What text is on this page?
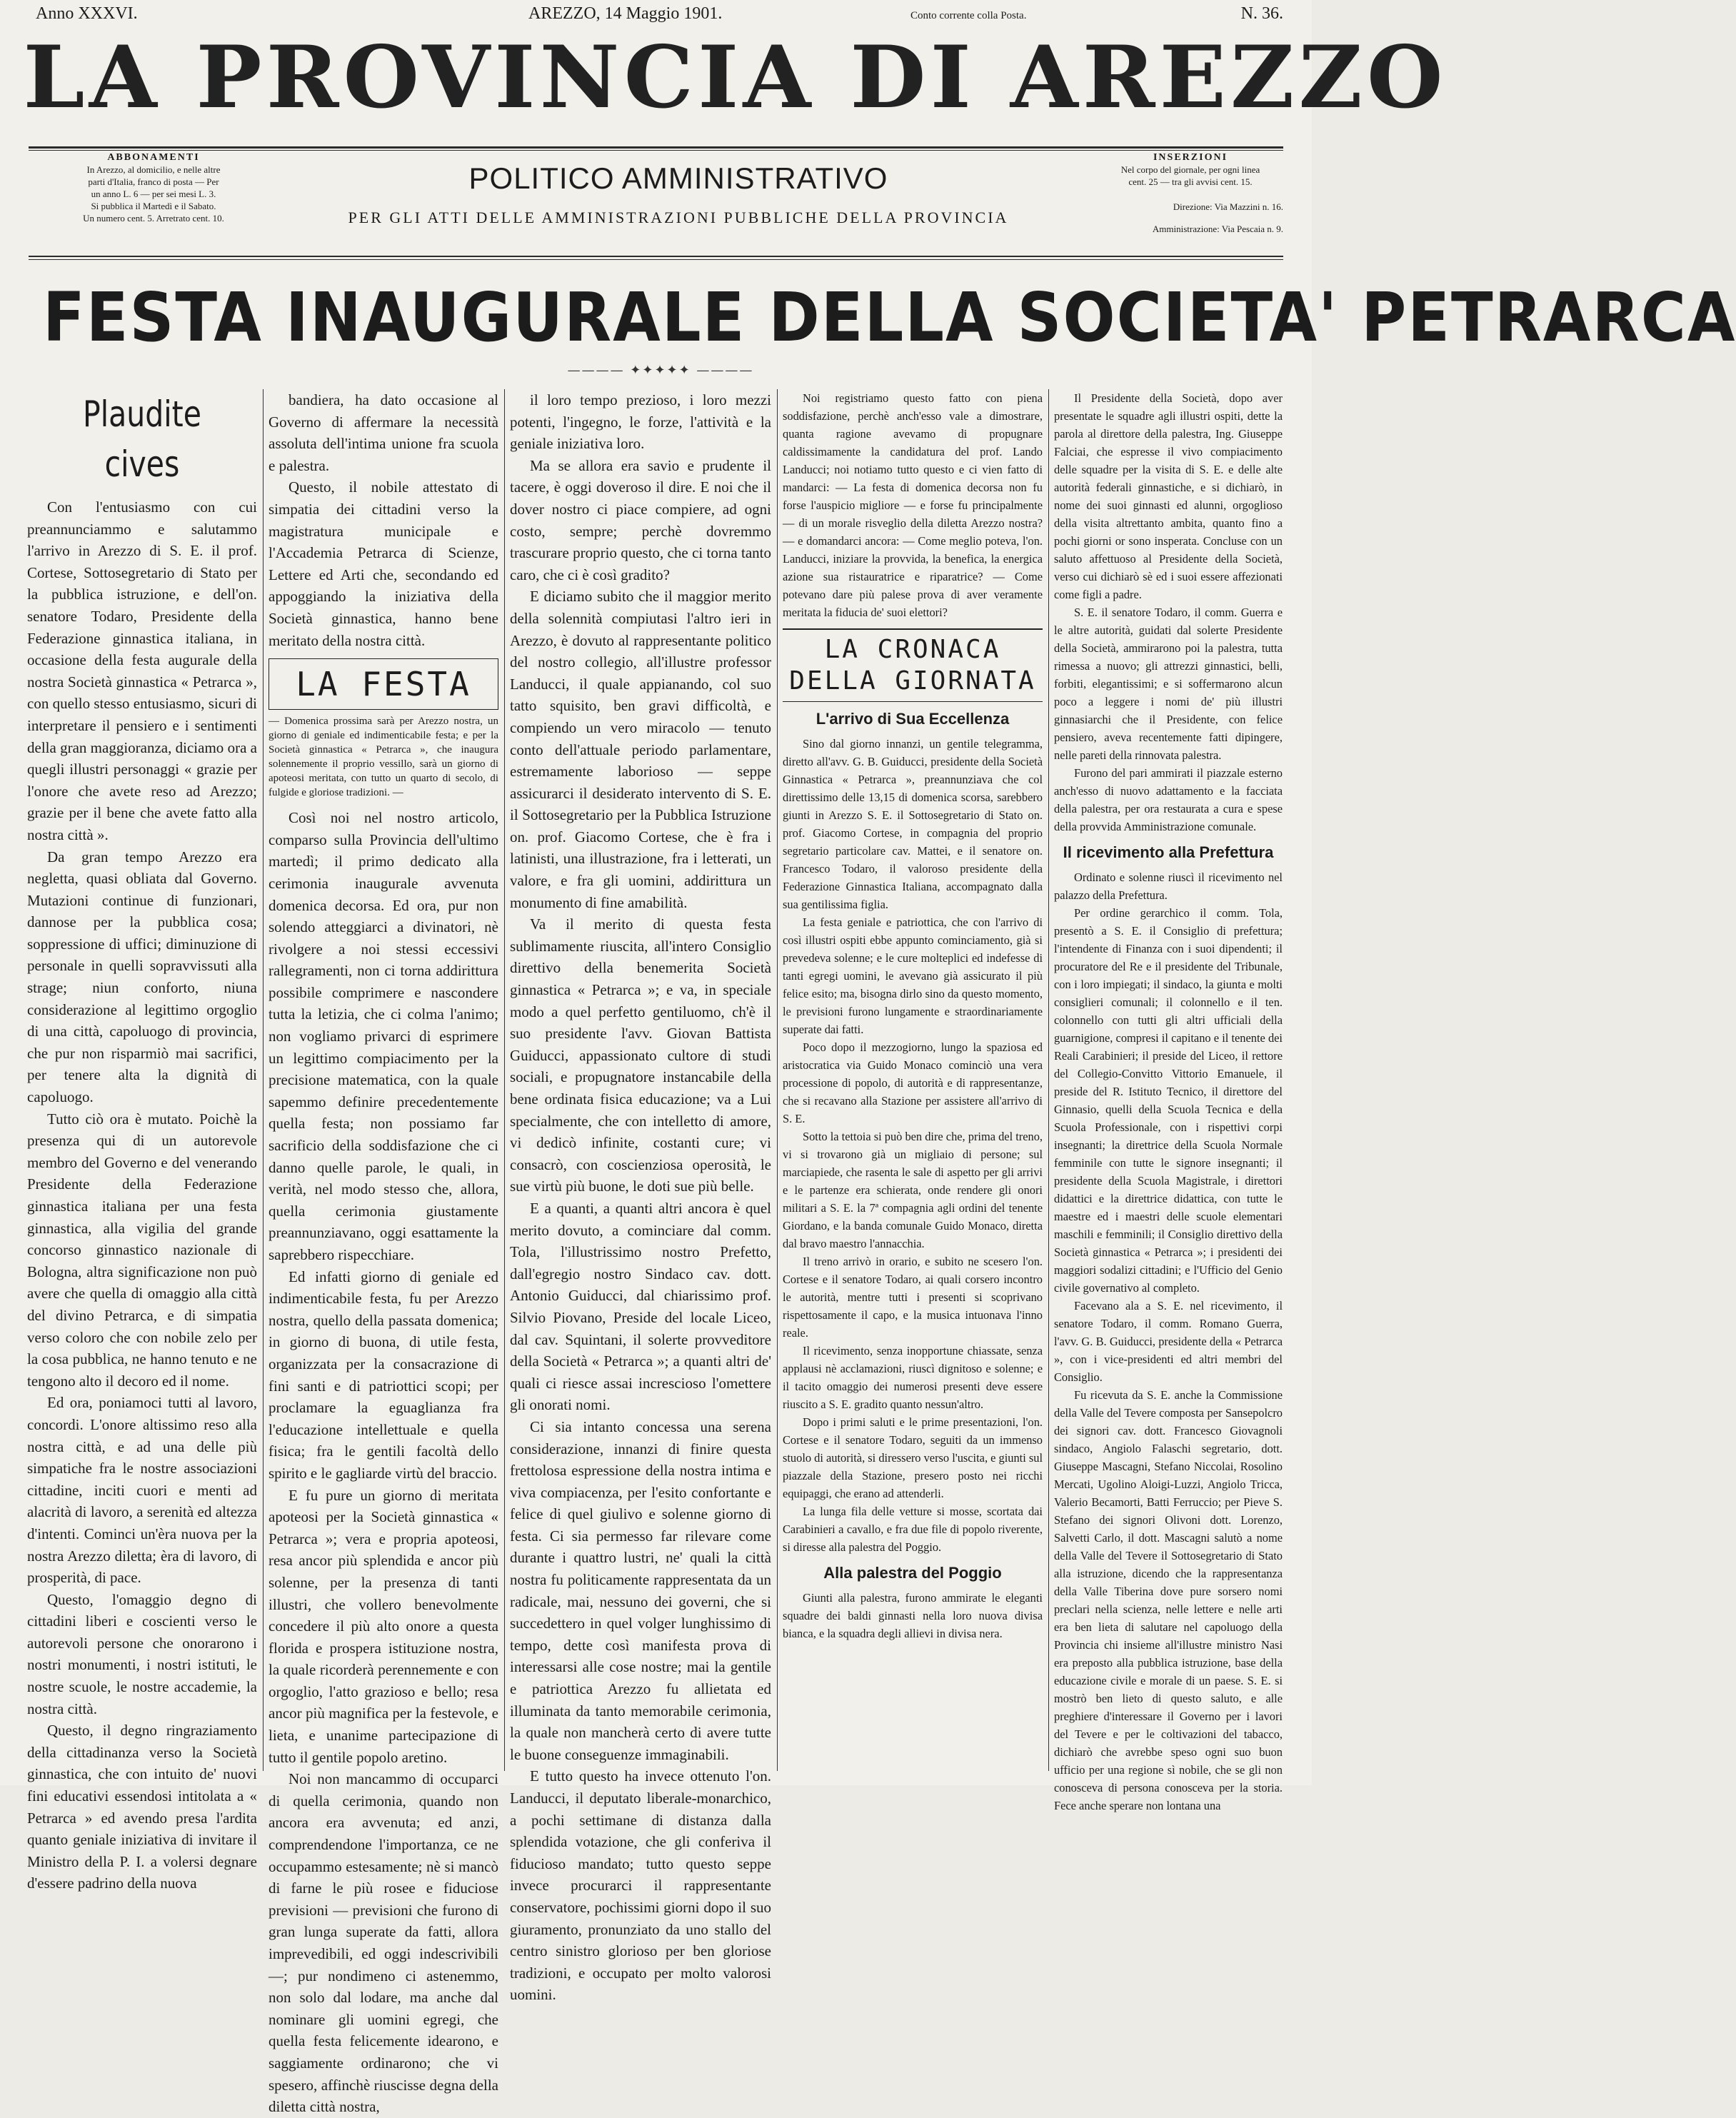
Anno XXXVI.	AREZZO, 14 Maggio 1901.	Conto corrente colla Posta.	N. 36.
LA PROVINCIA DI AREZZO
ABBONAMENTI
In Arezzo, al domicilio, e nelle altre
parti d'Italia, franco di posta — Per
un anno L. 6 — per sei mesi L. 3.
Si pubblica il Martedì e il Sabato.
Un numero cent. 5. Arretrato cent. 10.
POLITICO AMMINISTRATIVO
PER GLI ATTI DELLE AMMINISTRAZIONI PUBBLICHE DELLA PROVINCIA
INSERZIONI
Nel corpo del giornale, per ogni linea
cent. 25 — tra gli avvisi cent. 15.
Direzione: Via Mazzini n. 16.
Amministrazione: Via Pescaia n. 9.
FESTA INAUGURALE DELLA SOCIETA' PETRARCA
———— ✦✦✦✦✦ ————
Plaudite cives

Con l'entusiasmo con cui preannunciammo e salutammo l'arrivo in Arezzo di S. E. il prof. Cortese, Sottosegretario di Stato per la pubblica istruzione, e dell'on. senatore Todaro, Presidente della Federazione ginnastica italiana, in occasione della festa augurale della nostra Società ginnastica « Petrarca », con quello stesso entusiasmo, sicuri di interpretare il pensiero e i sentimenti della gran maggioranza, diciamo ora a quegli illustri personaggi « grazie per l'onore che avete reso ad Arezzo; grazie per il bene che avete fatto alla nostra città ».

Da gran tempo Arezzo era negletta, quasi obliata dal Governo. Mutazioni continue di funzionari, dannose per la pubblica cosa; soppressione di uffici; diminuzione di personale in quelli sopravvissuti alla strage; niun conforto, niuna considerazione al legittimo orgoglio di una città, capoluogo di provincia, che pur non risparmiò mai sacrifici, per tenere alta la dignità di capoluogo.

Tutto ciò ora è mutato. Poichè la presenza qui di un autorevole membro del Governo e del venerando Presidente della Federazione ginnastica italiana per una festa ginnastica, alla vigilia del grande concorso ginnastico nazionale di Bologna, altra significazione non può avere che quella di omaggio alla città del divino Petrarca, e di simpatia verso coloro che con nobile zelo per la cosa pubblica, ne hanno tenuto e ne tengono alto il decoro ed il nome.

Ed ora, poniamoci tutti al lavoro, concordi. L'onore altissimo reso alla nostra città, e ad una delle più simpatiche fra le nostre associazioni cittadine, inciti cuori e menti ad alacrità di lavoro, a serenità ed altezza d'intenti. Cominci un'èra nuova per la nostra Arezzo diletta; èra di lavoro, di prosperità, di pace.

Questo, l'omaggio degno di cittadini liberi e coscienti verso le autorevoli persone che onorarono i nostri monumenti, i nostri istituti, le nostre scuole, le nostre accademie, la nostra città.

Questo, il degno ringraziamento della cittadinanza verso la Società ginnastica, che con intuito de' nuovi fini educativi essendosi intitolata a « Petrarca » ed avendo presa l'ardita quanto geniale iniziativa di invitare il Ministro della P. I. a volersi degnare d'essere padrino della nuova

bandiera, ha dato occasione al Governo di affermare la necessità assoluta dell'intima unione fra scuola e palestra.

Questo, il nobile attestato di simpatia dei cittadini verso la magistratura municipale e l'Accademia Petrarca di Scienze, Lettere ed Arti che, secondando ed appoggiando la iniziativa della Società ginnastica, hanno bene meritato della nostra città.

LA FESTA
— Domenica prossima sarà per Arezzo nostra, un giorno di geniale ed indimenticabile festa; e per la Società ginnastica « Petrarca », che inaugura solennemente il proprio vessillo, sarà un giorno di apoteosi meritata, con tutto un quarto di secolo, di fulgide e gloriose tradizioni. —

Così noi nel nostro articolo, comparso sulla Provincia dell'ultimo martedì; il primo dedicato alla cerimonia inaugurale avvenuta domenica decorsa. Ed ora, pur non solendo atteggiarci a divinatori, nè rivolgere a noi stessi eccessivi rallegramenti, non ci torna addirittura possibile comprimere e nascondere tutta la letizia, che ci colma l'animo; non vogliamo privarci di esprimere un legittimo compiacimento per la precisione matematica, con la quale sapemmo definire precedentemente quella festa; non possiamo far sacrificio della soddisfazione che ci danno quelle parole, le quali, in verità, nel modo stesso che, allora, quella cerimonia giustamente preannunziavano, oggi esattamente la saprebbero rispecchiare.

Ed infatti giorno di geniale ed indimenticabile festa, fu per Arezzo nostra, quello della passata domenica; in giorno di buona, di utile festa, organizzata per la consacrazione di fini santi e di patriottici scopi; per proclamare la eguaglianza fra l'educazione intellettuale e quella fisica; fra le gentili facoltà dello spirito e le gagliarde virtù del braccio.

E fu pure un giorno di meritata apoteosi per la Società ginnastica « Petrarca »; vera e propria apoteosi, resa ancor più splendida e ancor più solenne, per la presenza di tanti illustri, che vollero benevolmente concedere il più alto onore a questa florida e prospera istituzione nostra, la quale ricorderà perennemente e con orgoglio, l'atto grazioso e bello; resa ancor più magnifica per la festevole, e lieta, e unanime partecipazione di tutto il gentile popolo aretino.

Noi non mancammo di occuparci di quella cerimonia, quando non ancora era avvenuta; ed anzi, comprendendone l'importanza, ce ne occupammo estesamente; nè si mancò di farne le più rosee e fiduciose previsioni — previsioni che furono di gran lunga superate da fatti, allora imprevedibili, ed oggi indescrivibili —; pur nondimeno ci astenemmo, non solo dal lodare, ma anche dal nominare gli uomini egregi, che quella festa felicemente idearono, e saggiamente ordinarono; che vi spesero, affinchè riuscisse degna della diletta città nostra,

il loro tempo prezioso, i loro mezzi potenti, l'ingegno, le forze, l'attività e la geniale iniziativa loro.

Ma se allora era savio e prudente il tacere, è oggi doveroso il dire. E noi che il dover nostro ci piace compiere, ad ogni costo, sempre; perchè dovremmo trascurare proprio questo, che ci torna tanto caro, che ci è così gradito?

E diciamo subito che il maggior merito della solennità compiutasi l'altro ieri in Arezzo, è dovuto al rappresentante politico del nostro collegio, all'illustre professor Landucci, il quale appianando, col suo tatto squisito, ben gravi difficoltà, e compiendo un vero miracolo — tenuto conto dell'attuale periodo parlamentare, estremamente laborioso — seppe assicurarci il desiderato intervento di S. E. il Sottosegretario per la Pubblica Istruzione on. prof. Giacomo Cortese, che è fra i latinisti, una illustrazione, fra i letterati, un valore, e fra gli uomini, addirittura un monumento di fine amabilità.

Va il merito di questa festa sublimamente riuscita, all'intero Consiglio direttivo della benemerita Società ginnastica « Petrarca »; e va, in speciale modo a quel perfetto gentiluomo, ch'è il suo presidente l'avv. Giovan Battista Guiducci, appassionato cultore di studi sociali, e propugnatore instancabile della bene ordinata fisica educazione; va a Lui specialmente, che con intelletto di amore, vi dedicò infinite, costanti cure; vi consacrò, con coscienziosa operosità, le sue virtù più buone, le doti sue più belle.

E a quanti, a quanti altri ancora è quel merito dovuto, a cominciare dal comm. Tola, l'illustrissimo nostro Prefetto, dall'egregio nostro Sindaco cav. dott. Antonio Guiducci, dal chiarissimo prof. Silvio Piovano, Preside del locale Liceo, dal cav. Squintani, il solerte provveditore della Società « Petrarca »; a quanti altri de' quali ci riesce assai increscioso l'omettere gli onorati nomi.

Ci sia intanto concessa una serena considerazione, innanzi di finire questa frettolosa espressione della nostra intima e viva compiacenza, per l'esito confortante e felice di quel giulivo e solenne giorno di festa. Ci sia permesso far rilevare come durante i quattro lustri, ne' quali la città nostra fu politicamente rappresentata da un radicale, mai, nessuno dei governi, che si succedettero in quel volger lunghissimo di tempo, dette così manifesta prova di interessarsi alle cose nostre; mai la gentile e patriottica Arezzo fu allietata ed illuminata da tanto memorabile cerimonia, la quale non mancherà certo di avere tutte le buone conseguenze immaginabili.

E tutto questo ha invece ottenuto l'on. Landucci, il deputato liberale-monarchico, a pochi settimane di distanza dalla splendida votazione, che gli conferiva il fiducioso mandato; tutto questo seppe invece procurarci il rappresentante conservatore, pochissimi giorni dopo il suo giuramento, pronunziato da uno stallo del centro sinistro glorioso per ben gloriose tradizioni, e occupato per molto valorosi uomini.

Noi registriamo questo fatto con piena soddisfazione, perchè anch'esso vale a dimostrare, quanta ragione avevamo di propugnare caldissimamente la candidatura del prof. Lando Landucci; noi notiamo tutto questo e ci vien fatto di mandarci: — La festa di domenica decorsa non fu forse l'auspicio migliore — e forse fu principalmente — di un morale risveglio della diletta Arezzo nostra? — e domandarci ancora: — Come meglio poteva, l'on. Landucci, iniziare la provvida, la benefica, la energica azione sua ristauratrice e riparatrice? — Come potevano dare più palese prova di aver veramente meritata la fiducia de' suoi elettori?

LA CRONACA
DELLA GIORNATA
L'arrivo di Sua Eccellenza

Sino dal giorno innanzi, un gentile telegramma, diretto all'avv. G. B. Guiducci, presidente della Società Ginnastica « Petrarca », preannunziava che col direttissimo delle 13,15 di domenica scorsa, sarebbero giunti in Arezzo S. E. il Sottosegretario di Stato on. prof. Giacomo Cortese, in compagnia del proprio segretario particolare cav. Mattei, e il senatore on. Francesco Todaro, il valoroso presidente della Federazione Ginnastica Italiana, accompagnato dalla sua gentilissima figlia.

La festa geniale e patriottica, che con l'arrivo di così illustri ospiti ebbe appunto cominciamento, già si prevedeva solenne; e le cure molteplici ed indefesse di tanti egregi uomini, le avevano già assicurato il più felice esito; ma, bisogna dirlo sino da questo momento, le previsioni furono lungamente e straordinariamente superate dai fatti.

Poco dopo il mezzogiorno, lungo la spaziosa ed aristocratica via Guido Monaco cominciò una vera processione di popolo, di autorità e di rappresentanze, che si recavano alla Stazione per assistere all'arrivo di S. E.

Sotto la tettoia si può ben dire che, prima del treno, vi si trovarono già un migliaio di persone; sul marciapiede, che rasenta le sale di aspetto per gli arrivi e le partenze era schierata, onde rendere gli onori militari a S. E. la 7ª compagnia agli ordini del tenente Giordano, e la banda comunale Guido Monaco, diretta dal bravo maestro l'annacchia.

Il treno arrivò in orario, e subito ne scesero l'on. Cortese e il senatore Todaro, ai quali corsero incontro le autorità, mentre tutti i presenti si scoprivano rispettosamente il capo, e la musica intuonava l'inno reale.

Il ricevimento, senza inopportune chiassate, senza applausi nè acclamazioni, riuscì dignitoso e solenne; e il tacito omaggio dei numerosi presenti deve essere riuscito a S. E. gradito quanto nessun'altro.

Dopo i primi saluti e le prime presentazioni, l'on. Cortese e il senatore Todaro, seguiti da un immenso stuolo di autorità, si diressero verso l'uscita, e giunti sul piazzale della Stazione, presero posto nei ricchi equipaggi, che erano ad attenderli.

La lunga fila delle vetture si mosse, scortata dai Carabinieri a cavallo, e fra due file di popolo riverente, si diresse alla palestra del Poggio.

Alla palestra del Poggio

Giunti alla palestra, furono ammirate le eleganti squadre dei baldi ginnasti nella loro nuova divisa bianca, e la squadra degli allievi in divisa nera.

Il Presidente della Società, dopo aver presentate le squadre agli illustri ospiti, dette la parola al direttore della palestra, Ing. Giuseppe Falciai, che espresse il vivo compiacimento delle squadre per la visita di S. E. e delle alte autorità federali ginnastiche, e si dichiarò, in nome dei suoi ginnasti ed alunni, orgoglioso della visita altrettanto ambita, quanto fino a pochi giorni or sono insperata. Concluse con un saluto affettuoso al Presidente della Società, verso cui dichiarò sè ed i suoi essere affezionati come figli a padre.

S. E. il senatore Todaro, il comm. Guerra e le altre autorità, guidati dal solerte Presidente della Società, ammirarono poi la palestra, tutta rimessa a nuovo; gli attrezzi ginnastici, belli, forbiti, elegantissimi; e si soffermarono alcun poco a leggere i nomi de' più illustri ginnasiarchi che il Presidente, con felice pensiero, aveva recentemente fatti dipingere, nelle pareti della rinnovata palestra.

Furono del pari ammirati il piazzale esterno anch'esso di nuovo adattamento e la facciata della palestra, per ora restaurata a cura e spese della provvida Amministrazione comunale.

Il ricevimento alla Prefettura

Ordinato e solenne riuscì il ricevimento nel palazzo della Prefettura.

Per ordine gerarchico il comm. Tola, presentò a S. E. il Consiglio di prefettura; l'intendente di Finanza con i suoi dipendenti; il procuratore del Re e il presidente del Tribunale, con i loro impiegati; il sindaco, la giunta e molti consiglieri comunali; il colonnello e il ten. colonnello con tutti gli altri ufficiali della guarnigione, compresi il capitano e il tenente dei Reali Carabinieri; il preside del Liceo, il rettore del Collegio-Convitto Vittorio Emanuele, il preside del R. Istituto Tecnico, il direttore del Ginnasio, quelli della Scuola Tecnica e della Scuola Professionale, con i rispettivi corpi insegnanti; la direttrice della Scuola Normale femminile con tutte le signore insegnanti; il presidente della Scuola Magistrale, i direttori didattici e la direttrice didattica, con tutte le maestre ed i maestri delle scuole elementari maschili e femminili; il Consiglio direttivo della Società ginnastica « Petrarca »; i presidenti dei maggiori sodalizi cittadini; e l'Ufficio del Genio civile governativo al completo.

Facevano ala a S. E. nel ricevimento, il senatore Todaro, il comm. Romano Guerra, l'avv. G. B. Guiducci, presidente della « Petrarca », con i vice-presidenti ed altri membri del Consiglio.

Fu ricevuta da S. E. anche la Commissione della Valle del Tevere composta per Sansepolcro dei signori cav. dott. Francesco Giovagnoli sindaco, Angiolo Falaschi segretario, dott. Giuseppe Mascagni, Stefano Niccolai, Rosolino Mercati, Ugolino Aloigi-Luzzi, Angiolo Tricca, Valerio Becamorti, Batti Ferruccio; per Pieve S. Stefano dei signori Olivoni dott. Lorenzo, Salvetti Carlo, il dott. Mascagni salutò a nome della Valle del Tevere il Sottosegretario di Stato alla istruzione, dicendo che la rappresentanza della Valle Tiberina dove pure sorsero nomi preclari nella scienza, nelle lettere e nelle arti era ben lieta di salutare nel capoluogo della Provincia chi insieme all'illustre ministro Nasi era preposto alla pubblica istruzione, base della educazione civile e morale di un paese. S. E. si mostrò ben lieto di questo saluto, e alle preghiere d'interessare il Governo per i lavori del Tevere e per le coltivazioni del tabacco, dichiarò che avrebbe speso ogni suo buon ufficio per una regione sì nobile, che se gli non conosceva di persona conosceva per la storia. Fece anche sperare non lontana una
